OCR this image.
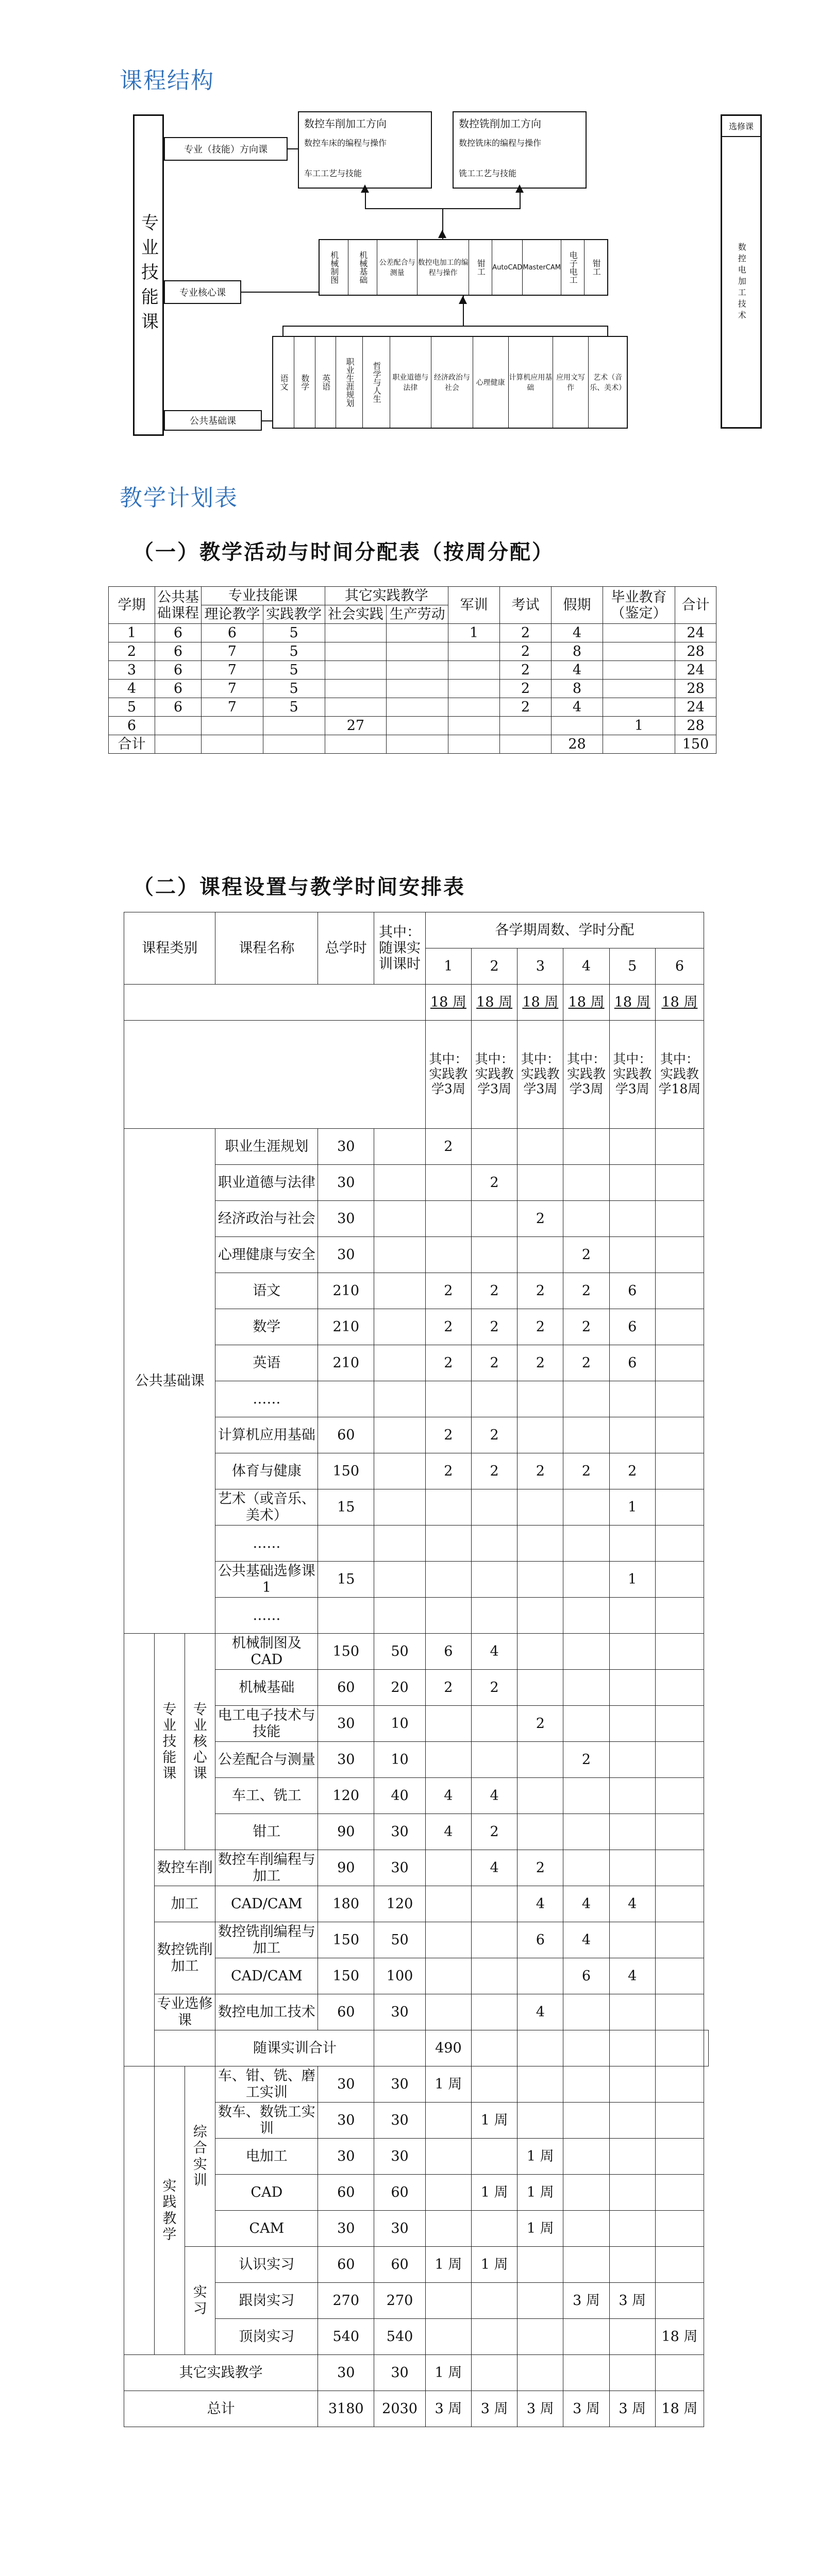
课程结构
专业技能课
专业（技能）方向课
专业核心课
公共基础课
数控车削加工方向
数控车床的编程与操作
车工工艺与技能
数控铣削加工方向
数控铣床的编程与操作
铣工工艺与技能
机械制图 机械基础 公差配合与测量
数控电加工的编程与操作	钳工 AutoCAD MasterCAM 电子电工 钳工
语文 数学 英语 职业生涯规划 哲学与人生	职业道德与法律
经济政治与社会
心理健康
计算机应用基础
应用文写作
艺术（音乐、美术）
选修课
数控电加工技术
教学计划表
（一）教学活动与时间分配表（按周分配）
学期	公共基础课程	专业技能课		其它实践教学		军训	考试	假期	毕业教育（鉴定）	合计
		理论教学	实践教学	社会实践	生产劳动					

1	6	6	5			1	2	4		24
2	6	7	5				2	8		28
3	6	7	5				2	4		24
4	6	7	5				2	8		28
5	6	7	5				2	4		24
6				27					1	28
合计								28		150
（二）课程设置与教学时间安排表
课程类别			课程名称	总学时	其中：随课实训课时	各学期周数、学时分配						
						1	2	3	4	5	6	
						18 周	18 周	18 周	18 周	18 周	18 周	
						其中：实践教学3周	其中：实践教学3周	其中：实践教学3周	其中：实践教学3周	其中：实践教学3周	其中：实践教学18周	
公共基础课			职业生涯规划	30		2						
			职业道德与法律	30			2					
			经济政治与社会	30				2				
			心理健康与安全	30					2			
			语文	210		2	2	2	2	6		
			数学	210		2	2	2	2	6		
			英语	210		2	2	2	2	6		
			……									
			计算机应用基础	60		2	2					
			体育与健康	150		2	2	2	2	2		
			艺术（或音乐、美术）	15						1		
			……									
			公共基础选修课 1	15						1		
			……									
	专业技能课	专业核心课	机械制图及CAD	150	50	6	4					
			机械基础	60	20	2	2					
			电工电子技术与技能	30	10			2				
			公差配合与测量	30	10				2			
			车工、铣工	120	40	4	4					
			钳工	90	30	4	2					
	数控车削		数控车削编程与加工	90	30		4	2				
	加工		CAD/CAM	180	120			4	4	4		
	数控铣削加工		数控铣削编程与加工	150	50			6	4			
			CAD/CAM	150	100				6	4		
	专业选修课		数控电加工技术	60	30			4				
			随课实训合计			490						
	实践教学	综合实训	车、钳、铣、磨工实训	30	30	1 周						
			数车、数铣工实训	30	30		1 周					
			电加工	30	30			1 周				
			CAD	60	60		1 周	1 周				
			CAM	30	30			1 周				
		实习	认识实习	60	60	1 周	1 周					
			跟岗实习	270	270				3 周	3 周		
			顶岗实习	540	540						18 周	
其它实践教学				30	30	1 周						
总计				3180	2030	3 周	3 周	3 周	3 周	3 周	18 周	
